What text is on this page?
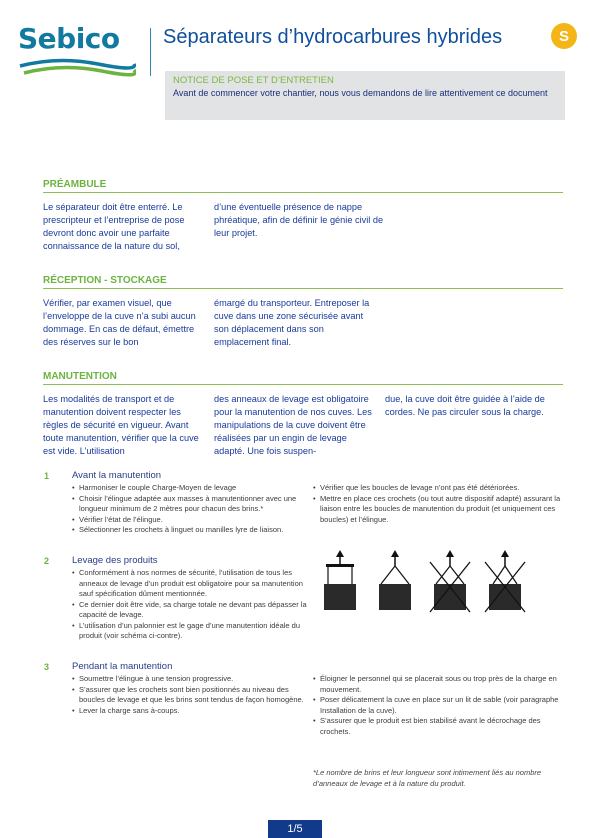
Sebico Séparateurs d’hydrocarbures hybrides	S
NOTICE DE POSE ET D’ENTRETIEN
Avant de commencer votre chantier, nous vous demandons de lire attentivement ce document
PRÉAMBULE
Le séparateur doit être enterré. Le prescripteur et l’entreprise de pose devront donc avoir une parfaite connaissance de la nature du sol,
d’une éventuelle présence de nappe phréatique, afin de définir le génie civil de leur projet.
RÉCEPTION - STOCKAGE
Vérifier, par examen visuel, que l’enveloppe de la cuve n’a subi aucun dommage. En cas de défaut, émettre des réserves sur le bon
émargé du transporteur. Entreposer la cuve dans une zone sécurisée avant son déplacement dans son emplacement final.
MANUTENTION
Les modalités de transport et de manutention doivent respecter les règles de sécurité en vigueur. Avant toute manutention, vérifier que la cuve est vide. L’utilisation
des anneaux de levage est obligatoire pour la manutention de nos cuves. Les manipulations de la cuve doivent être réalisées par un engin de levage adapté. Une fois suspen-
due, la cuve doit être guidée à l’aide de cordes. Ne pas circuler sous la charge.
1 Avant la manutention
• Harmoniser le couple Charge-Moyen de levage
• Choisir l’élingue adaptée aux masses à manutentionner avec une longueur minimum de 2 mètres pour chacun des brins.*
• Vérifier l’état de l’élingue.
• Sélectionner les crochets à linguet ou manilles lyre de liaison.
• Vérifier que les boucles de levage n’ont pas été détériorées.
• Mettre en place ces crochets (ou tout autre dispositif adapté) assurant la liaison entre les boucles de manutention du produit (et uniquement ces boucles) et l’élingue.
2 Levage des produits
• Conformément à nos normes de sécurité, l’utilisation de tous les anneaux de levage d’un produit est obligatoire pour sa manutention sauf spécification dûment mentionnée.
• Ce dernier doit être vide, sa charge totale ne devant pas dépasser la capacité de levage.
• L’utilisation d’un palonnier est le gage d’une manutention idéale du produit (voir schéma ci-contre).
3 Pendant la manutention
• Soumettre l’élingue à une tension progressive.
• S’assurer que les crochets sont bien positionnés au niveau des boucles de levage et que les brins sont tendus de façon homogène.
• Lever la charge sans à-coups.
• Éloigner le personnel qui se placerait sous ou trop près de la charge en mouvement.
• Poser délicatement la cuve en place sur un lit de sable (voir paragraphe Installation de la cuve).
• S’assurer que le produit est bien stabilisé avant le décrochage des crochets.
*Le nombre de brins et leur longueur sont intimement liés au nombre d’anneaux de levage et à la nature du produit.
1/5
